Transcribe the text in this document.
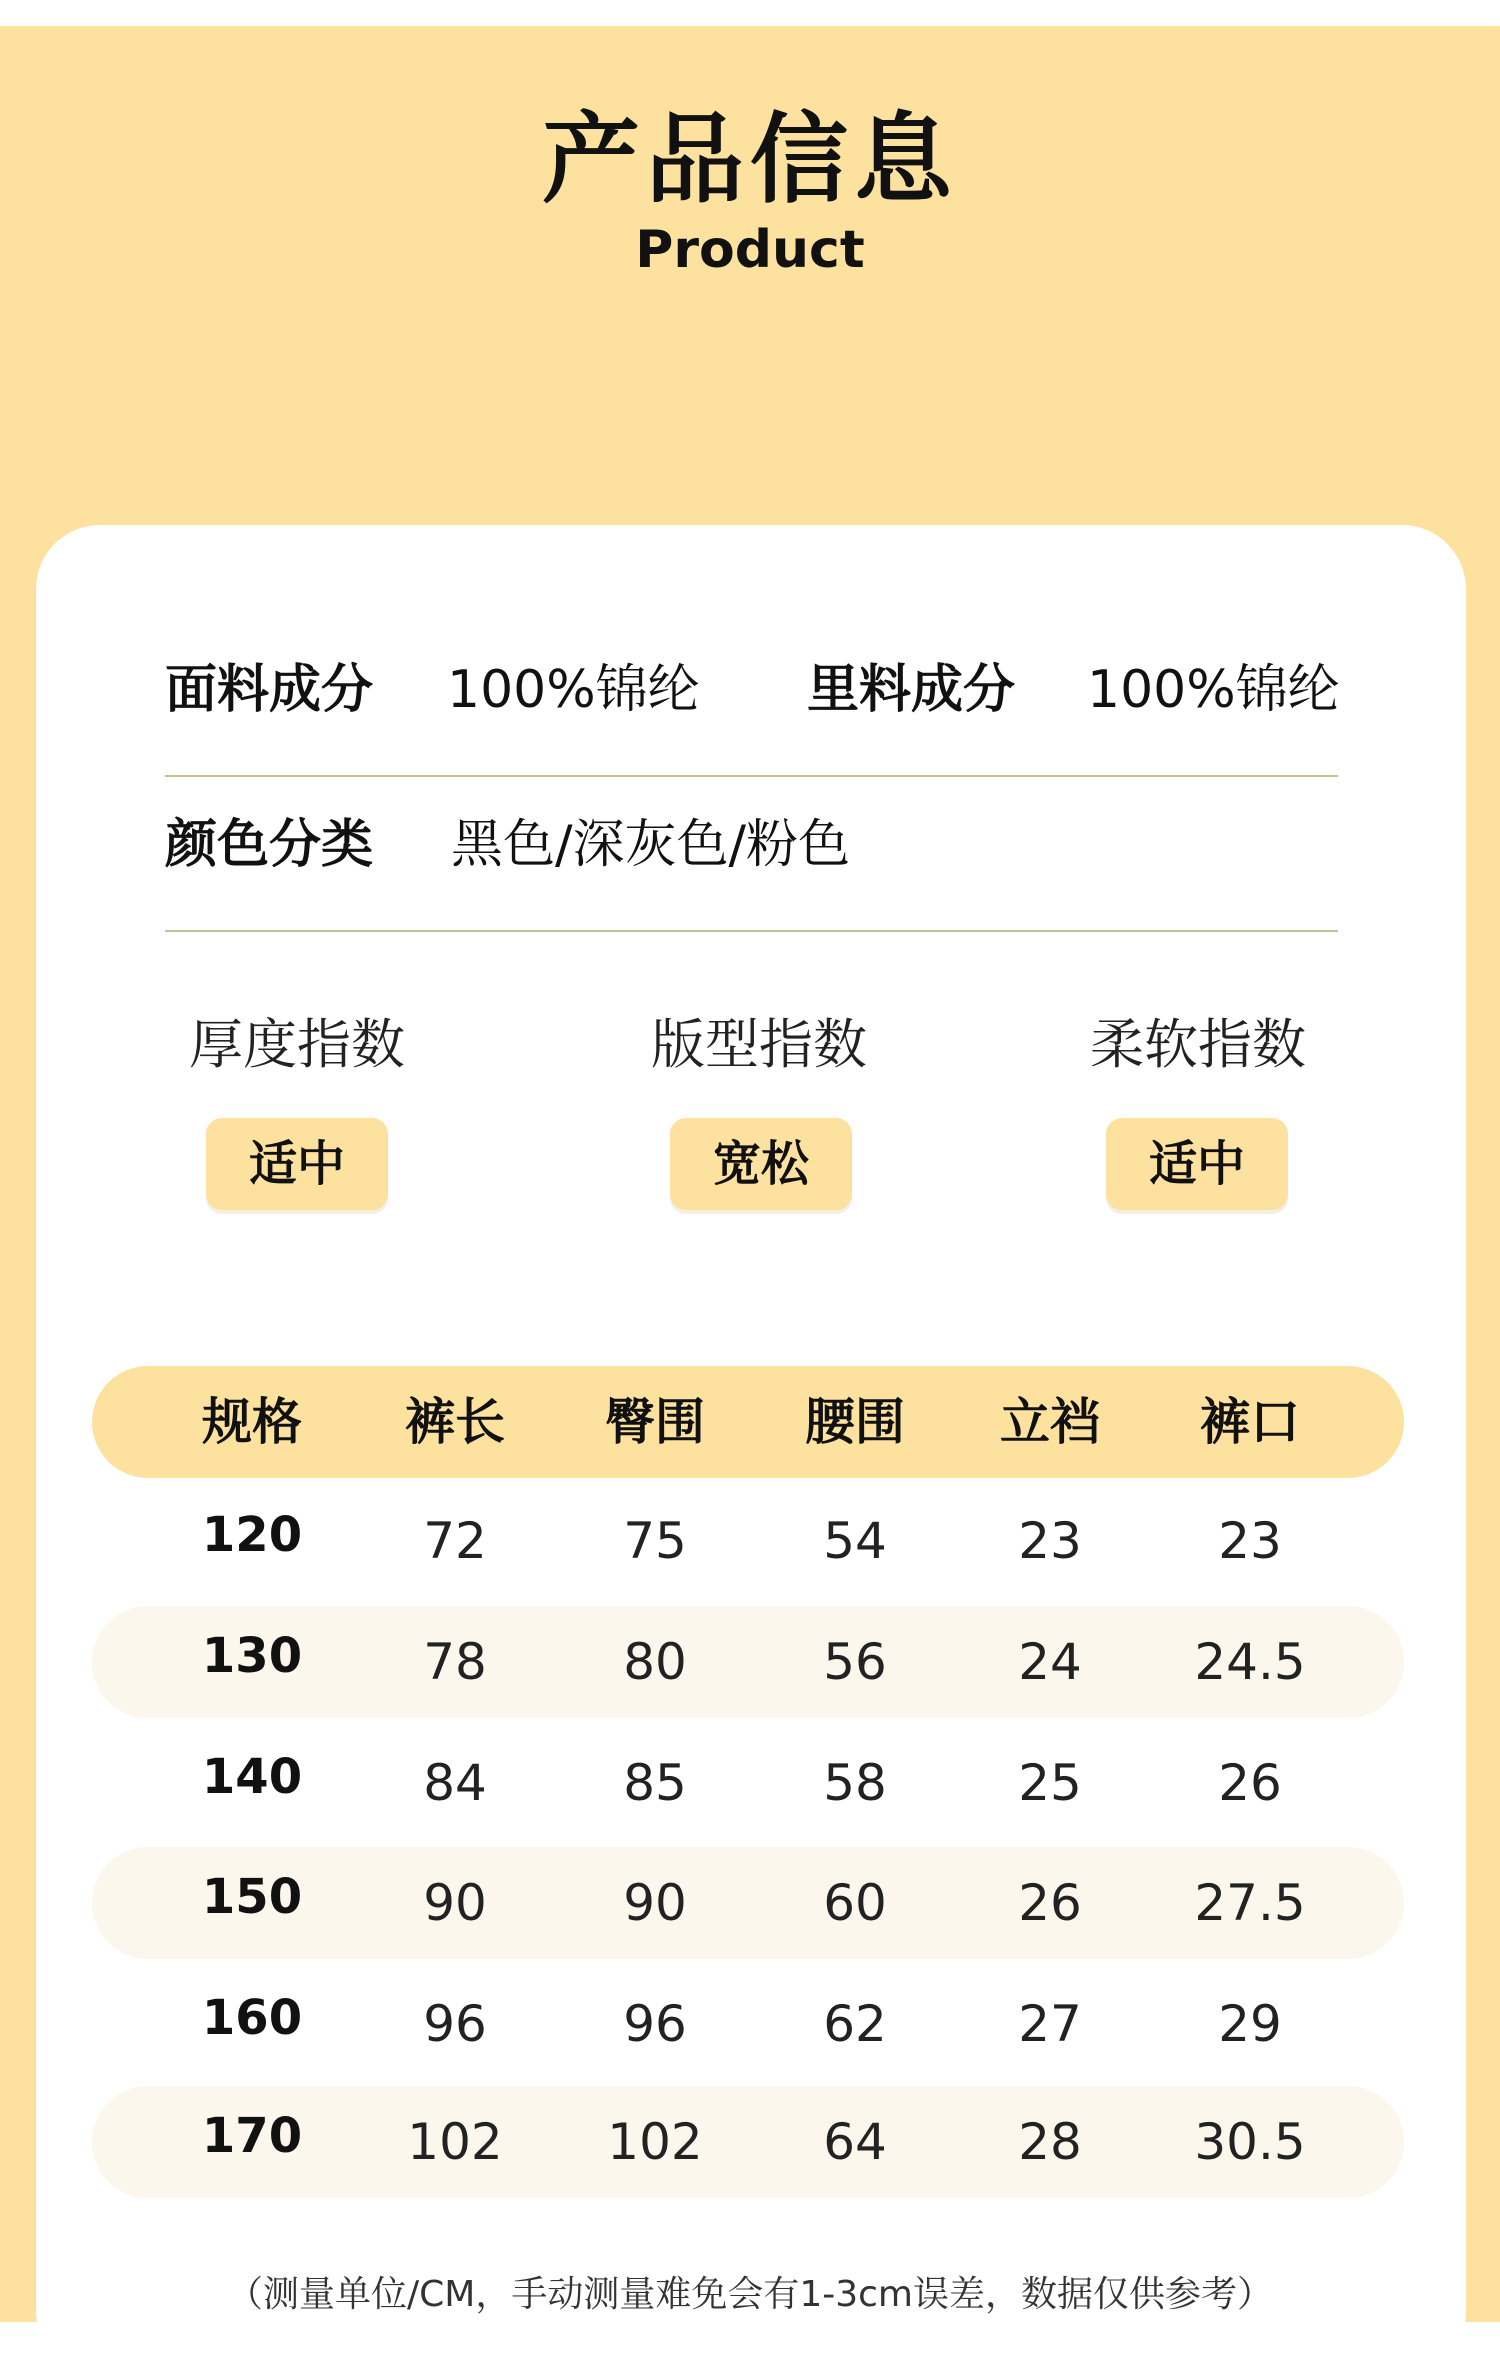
产品信息
Product
面料成分 100%锦纶 里料成分 100%锦纶
颜色分类 黑色/深灰色/粉色
厚度指数
适中
版型指数
宽松
柔软指数
适中
规格	裤长	臀围	腰围	立裆	裤口
120	72	75	54	23	23
130	78	80	56	24	24.5
140	84	85	58	25	26
150	90	90	60	26	27.5
160	96	96	62	27	29
170	102	102	64	28	30.5
（测量单位/CM，手动测量难免会有1-3cm误差，数据仅供参考）
